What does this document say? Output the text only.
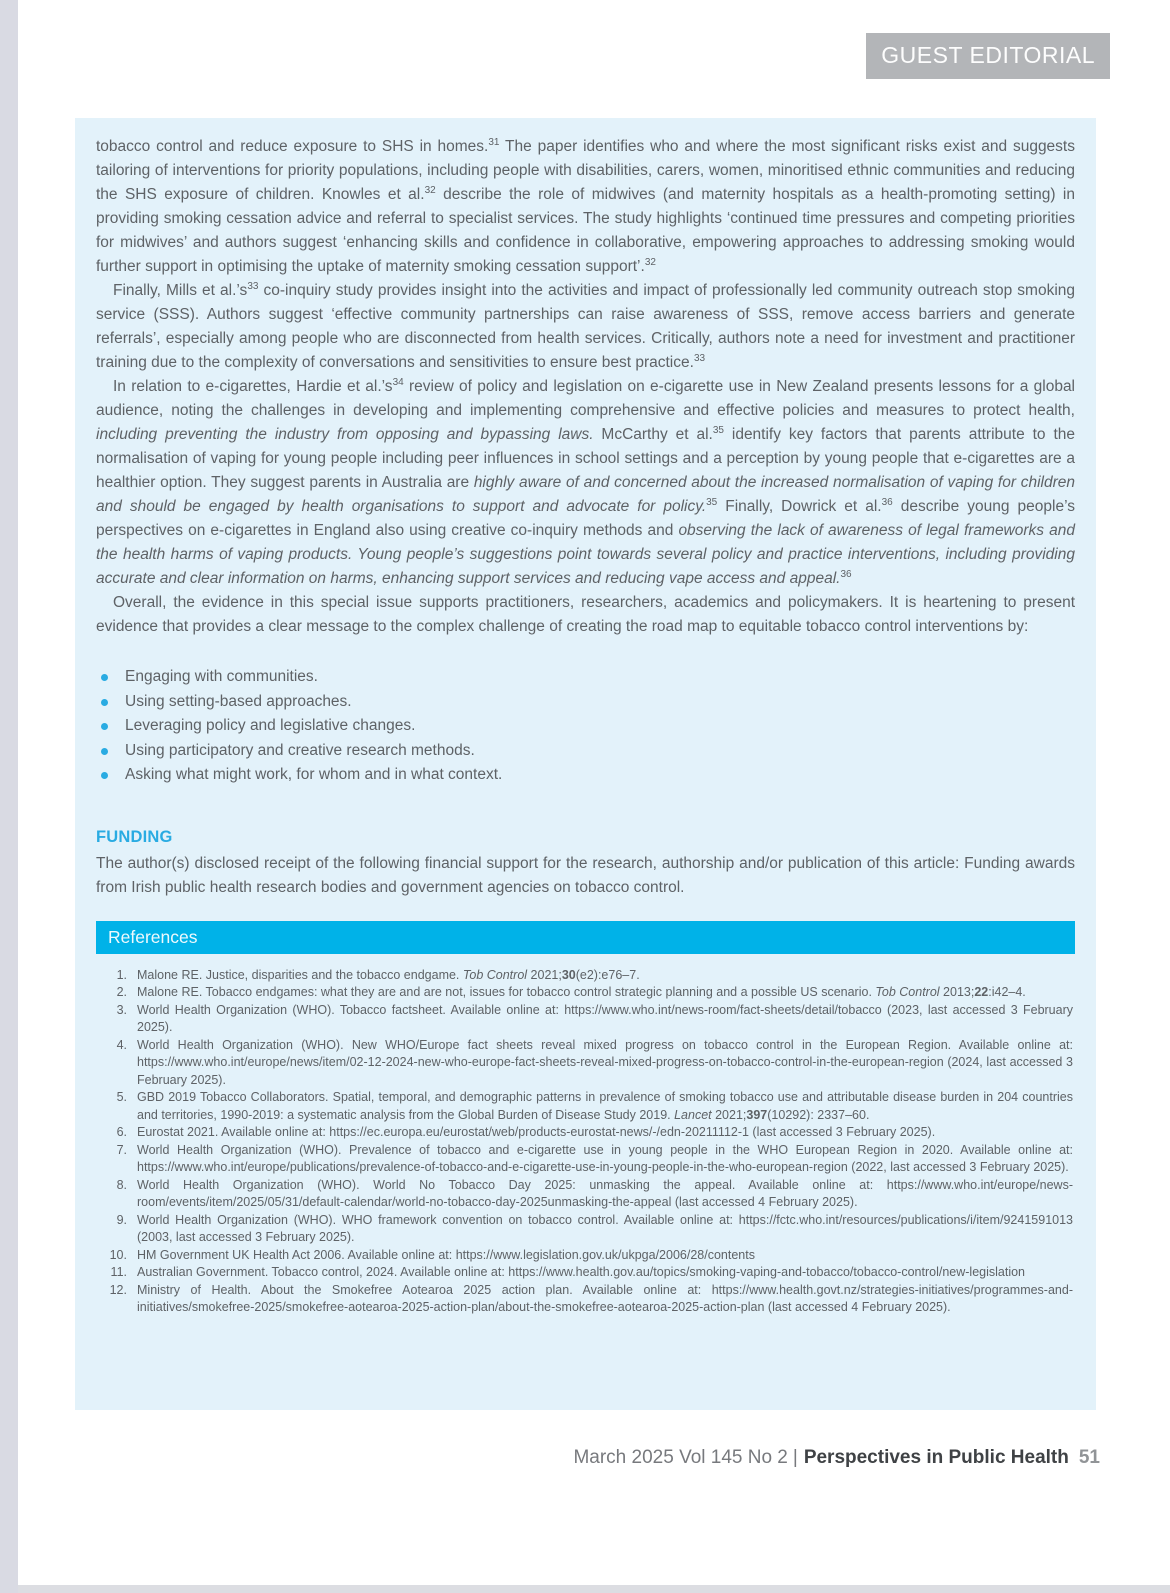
GUEST EDITORIAL

tobacco control and reduce exposure to SHS in homes.$^{31}$ The paper identifies who and where the most significant risks exist and suggests tailoring of interventions for priority populations, including people with disabilities, carers, women, minoritised ethnic communities and reducing the SHS exposure of children. Knowles et al.$^{32}$ describe the role of midwives (and maternity hospitals as a health-promoting setting) in providing smoking cessation advice and referral to specialist services. The study highlights ‘continued time pressures and competing priorities for midwives’ and authors suggest ‘enhancing skills and confidence in collaborative, empowering approaches to addressing smoking would further support in optimising the uptake of maternity smoking cessation support’.$^{32}$

Finally, Mills et $al.’s^{33}$ co-inquiry study provides insight into the activities and impact of professionally led community outreach stop smoking service (SSS). Authors suggest ‘effective community partnerships can raise awareness of SSS, remove access barriers and generate referrals’, especially among people who are disconnected from health services. Critically, authors note a need for investment and practitioner training due to the complexity of conversations and sensitivities to ensure best practice.$^{33}$

In relation to e-cigarettes, Hardie et $al.’s^{34}$ review of policy and legislation on e-cigarette use in New Zealand presents lessons for a global audience, noting the challenges in developing and implementing comprehensive and effective policies and measures to protect health, including preventing the industry from opposing and bypassing laws. McCarthy et al.$^{35}$ identify key factors that parents attribute to the normalisation of vaping for young people including peer influences in school settings and a perception by young people that e-cigarettes are a healthier option. They suggest parents in Australia are highly aware of and concerned about the increased normalisation of vaping for children and should be engaged by health organisations to support and advocate for policy.$^{35}$ Finally, Dowrick et al.$^{36}$ describe young people’s perspectives on e-cigarettes in England also using creative co-inquiry methods and observing the lack of awareness of legal frameworks and the health harms of vaping products. Young people’s suggestions point towards several policy and practice interventions, including providing accurate and clear information on harms, enhancing support services and reducing vape access and appeal.$^{36}$

Overall, the evidence in this special issue supports practitioners, researchers, academics and policymakers. It is heartening to present evidence that provides a clear message to the complex challenge of creating the road map to equitable tobacco control interventions by:

Engaging with communities.
Using setting-based approaches.
Leveraging policy and legislative changes.
Using participatory and creative research methods.
Asking what might work, for whom and in what context.
FUNDING

The author(s) disclosed receipt of the following financial support for the research, authorship and/or publication of this article: Funding awards from Irish public health research bodies and government agencies on tobacco control.

References
1. Malone RE. Justice, disparities and the tobacco endgame. Tob Control 2021;30(e2):e76–7.
2. Malone RE. Tobacco endgames: what they are and are not, issues for tobacco control strategic planning and a possible US scenario. Tob Control 2013;22:i42–4.
3. World Health Organization (WHO). Tobacco factsheet. Available online at: https://www.who.int/news-room/fact-sheets/detail/tobacco (2023, last accessed 3 February 2025).
4. World Health Organization (WHO). New WHO/Europe fact sheets reveal mixed progress on tobacco control in the European Region. Available online at: https://www.who.int/europe/news/item/02-12-2024-new-who-europe-fact-sheets-reveal-mixed-progress-on-tobacco-control-in-the-european-region (2024, last accessed 3 February 2025).
5. GBD 2019 Tobacco Collaborators. Spatial, temporal, and demographic patterns in prevalence of smoking tobacco use and attributable disease burden in 204 countries and territories, 1990-2019: a systematic analysis from the Global Burden of Disease Study 2019. Lancet 2021;397(10292): 2337–60.
6. Eurostat 2021. Available online at: https://ec.europa.eu/eurostat/web/products-eurostat-news/-/edn-20211112-1 (last accessed 3 February 2025).
7. World Health Organization (WHO). Prevalence of tobacco and e-cigarette use in young people in the WHO European Region in 2020. Available online at: https://www.who.int/europe/publications/prevalence-of-tobacco-and-e-cigarette-use-in-young-people-in-the-who-european-region (2022, last accessed 3 February 2025).
8. World Health Organization (WHO). World No Tobacco Day 2025: unmasking the appeal. Available online at: https://www.who.int/europe/news-room/events/item/2025/05/31/default-calendar/world-no-tobacco-day-2025unmasking-the-appeal (last accessed 4 February 2025).
9. World Health Organization (WHO). WHO framework convention on tobacco control. Available online at: https://fctc.who.int/resources/publications/i/item/9241591013 (2003, last accessed 3 February 2025).
10. HM Government UK Health Act 2006. Available online at: https://www.legislation.gov.uk/ukpga/2006/28/contents
11. Australian Government. Tobacco control, 2024. Available online at: https://www.health.gov.au/topics/smoking-vaping-and-tobacco/tobacco-control/new-legislation
12. Ministry of Health. About the Smokefree Aotearoa 2025 action plan. Available online at: https://www.health.govt.nz/strategies-initiatives/programmes-and-initiatives/smokefree-2025/smokefree-aotearoa-2025-action-plan/about-the-smokefree-aotearoa-2025-action-plan (last accessed 4 February 2025).
March 2025 Vol 145 No 2 | Perspectives in Public Health 51
